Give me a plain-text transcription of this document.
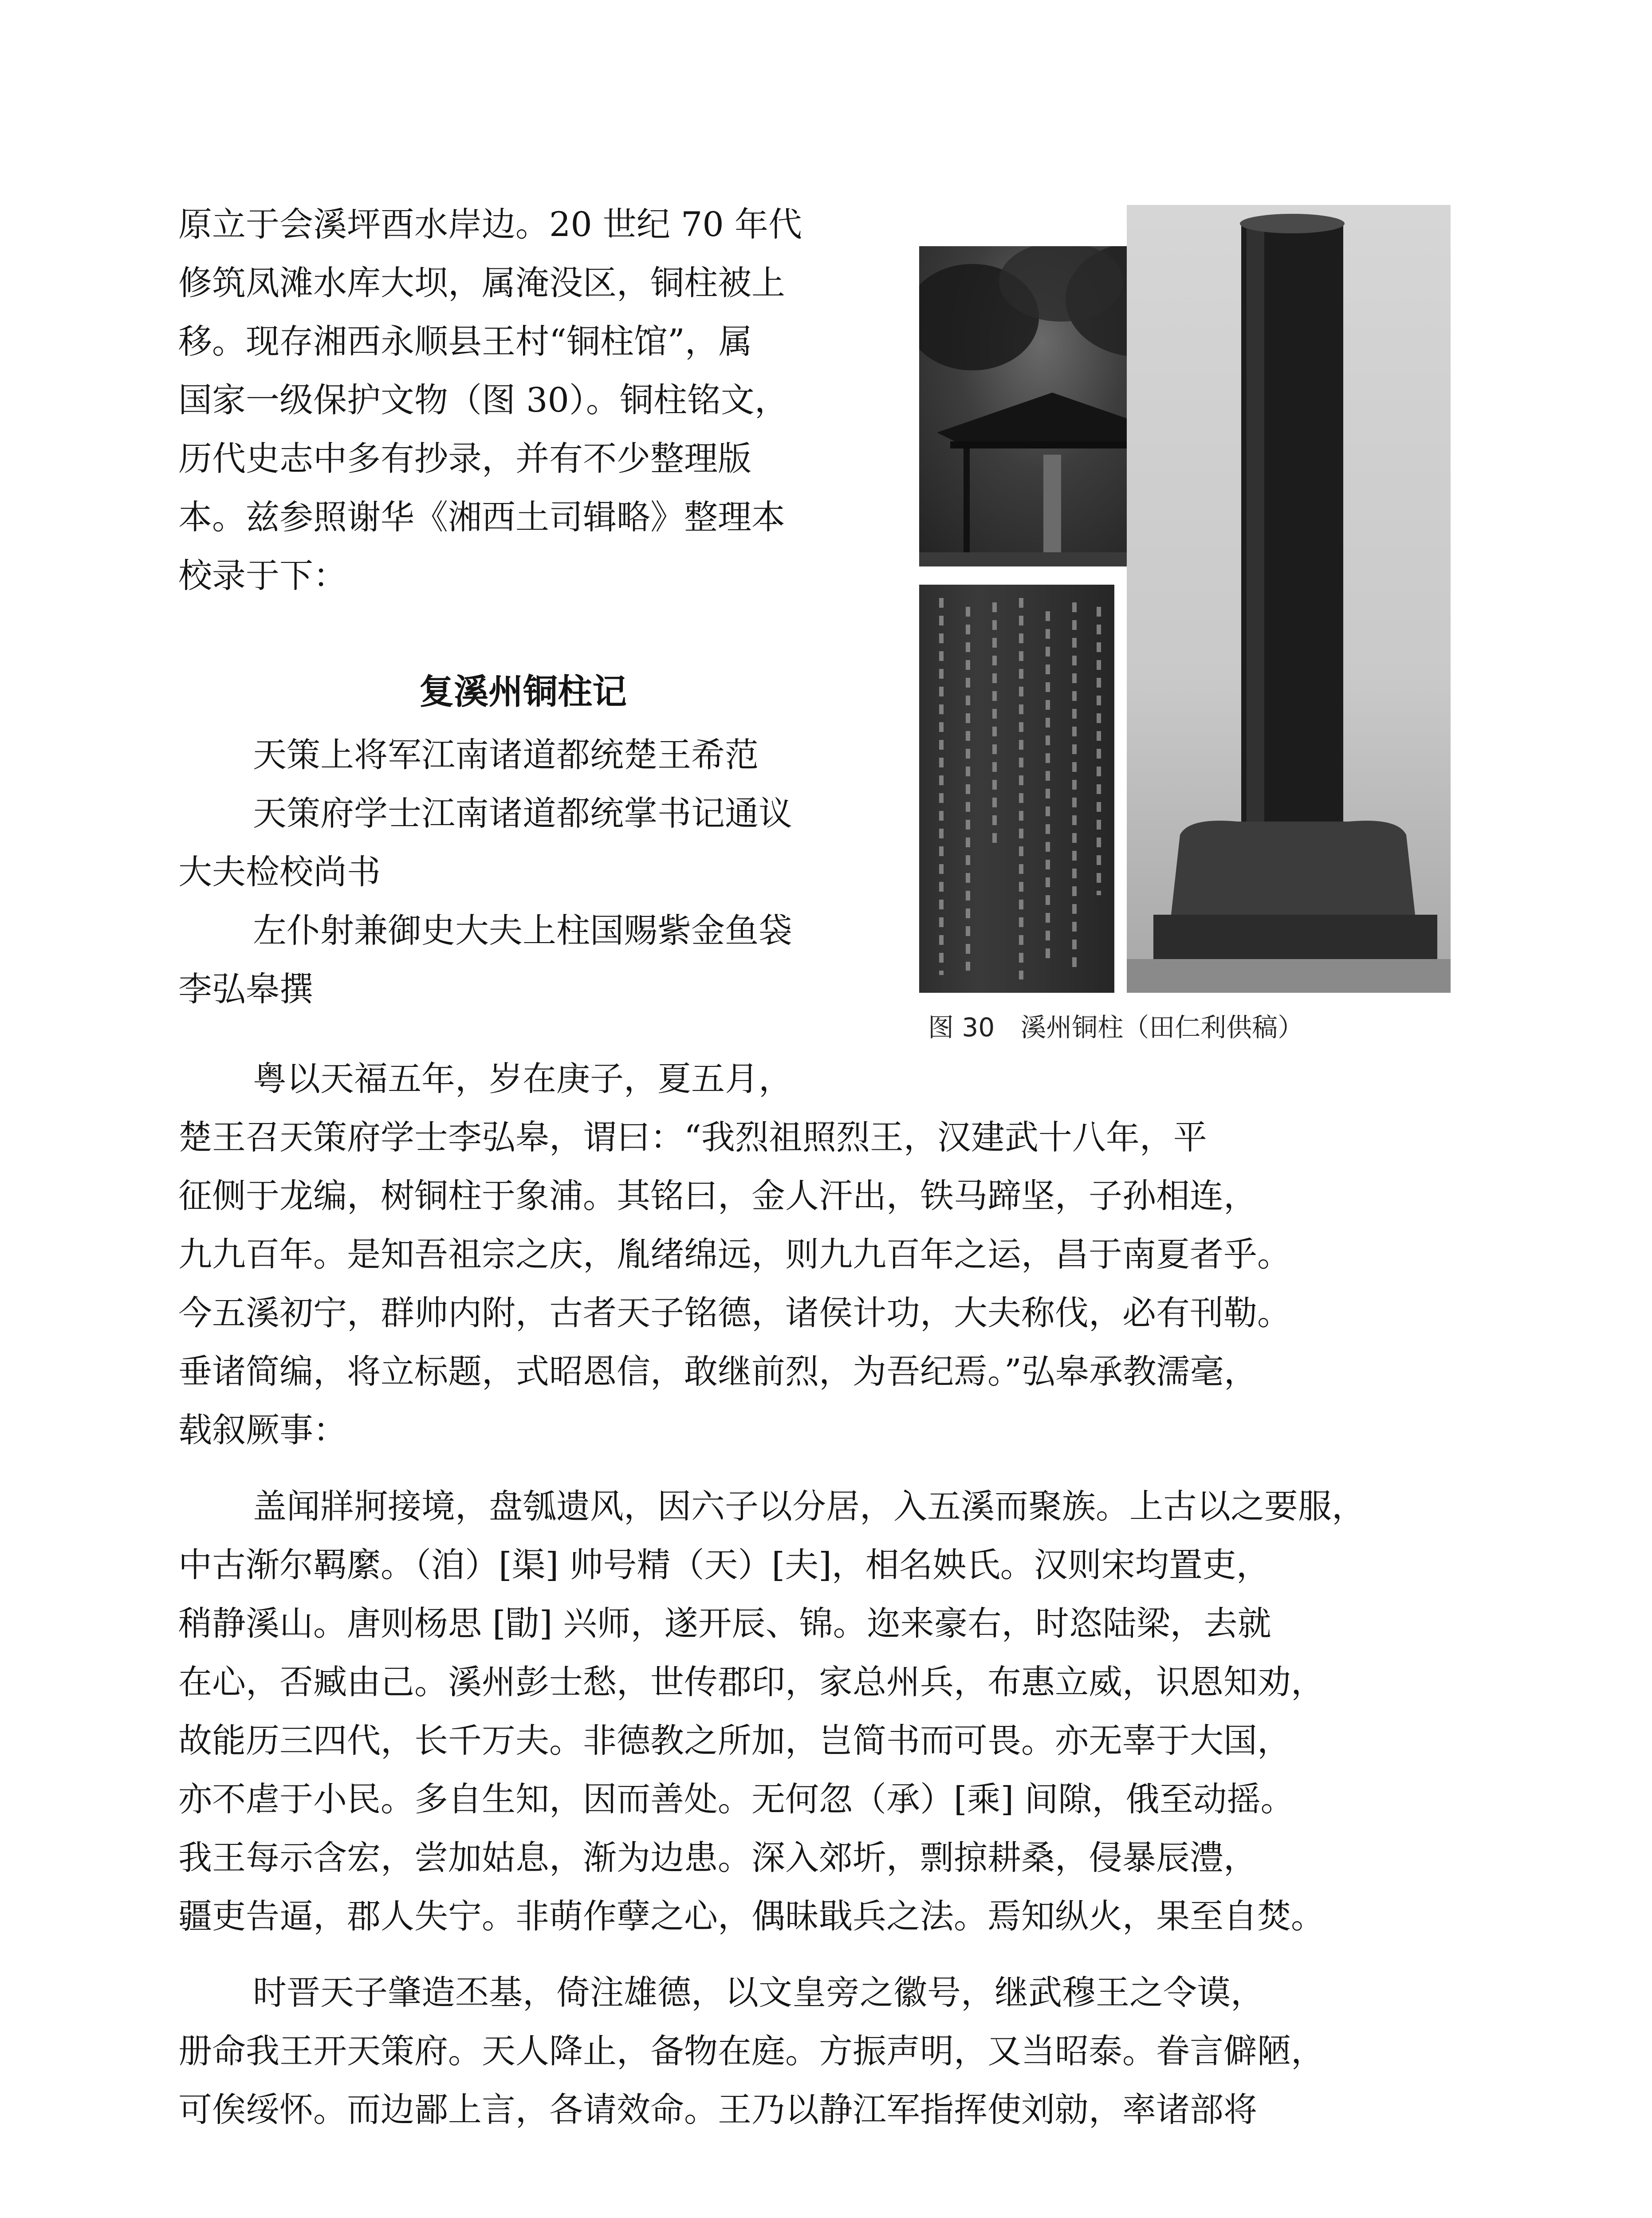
原立于会溪坪酉水岸边。20 世纪 70 年代
修筑凤滩水库大坝，属淹没区，铜柱被上
移。现存湘西永顺县王村“铜柱馆”，属
国家一级保护文物（图 30）。铜柱铭文，
历代史志中多有抄录，并有不少整理版
本。兹参照谢华《湘西土司辑略》整理本
校录于下：
复溪州铜柱记
天策上将军江南诸道都统楚王希范
天策府学士江南诸道都统掌书记通议
大夫检校尚书
左仆射兼御史大夫上柱国赐紫金鱼袋
李弘皋撰
图 30　溪州铜柱（田仁利供稿）
粤以天福五年，岁在庚子，夏五月，
楚王召天策府学士李弘皋，谓曰：“我烈祖照烈王，汉建武十八年，平
征侧于龙编，树铜柱于象浦。其铭曰，金人汗出，铁马蹄坚，子孙相连，
九九百年。是知吾祖宗之庆，胤绪绵远，则九九百年之运，昌于南夏者乎。
今五溪初宁，群帅内附，古者天子铭德，诸侯计功，大夫称伐，必有刊勒。
垂诸简编，将立标题，式昭恩信，敢继前烈，为吾纪焉。”弘皋承教濡毫，
载叙厥事：
盖闻牂牁接境，盘瓠遗风，因六子以分居，入五溪而聚族。上古以之要服，
中古渐尔羁縻。（洎）[渠] 帅号精（天）[夫]，相名姎氏。汉则宋均置吏，
稍静溪山。唐则杨思 [勖] 兴师，遂开辰、锦。迩来豪右，时恣陆梁，去就
在心，否臧由己。溪州彭士愁，世传郡印，家总州兵，布惠立威，识恩知劝，
故能历三四代，长千万夫。非德教之所加，岂简书而可畏。亦无辜于大国，
亦不虐于小民。多自生知，因而善处。无何忽（承）[乘] 间隙，俄至动摇。
我王每示含宏，尝加姑息，渐为边患。深入郊圻，剽掠耕桑，侵暴辰澧，
疆吏告逼，郡人失宁。非萌作孽之心，偶昧戢兵之法。焉知纵火，果至自焚。
时晋天子肇造丕基，倚注雄德，以文皇旁之徽号，继武穆王之令谟，
册命我王开天策府。天人降止，备物在庭。方振声明，又当昭泰。眷言僻陋，
可俟绥怀。而边鄙上言，各请效命。王乃以静江军指挥使刘勍，率诸部将
